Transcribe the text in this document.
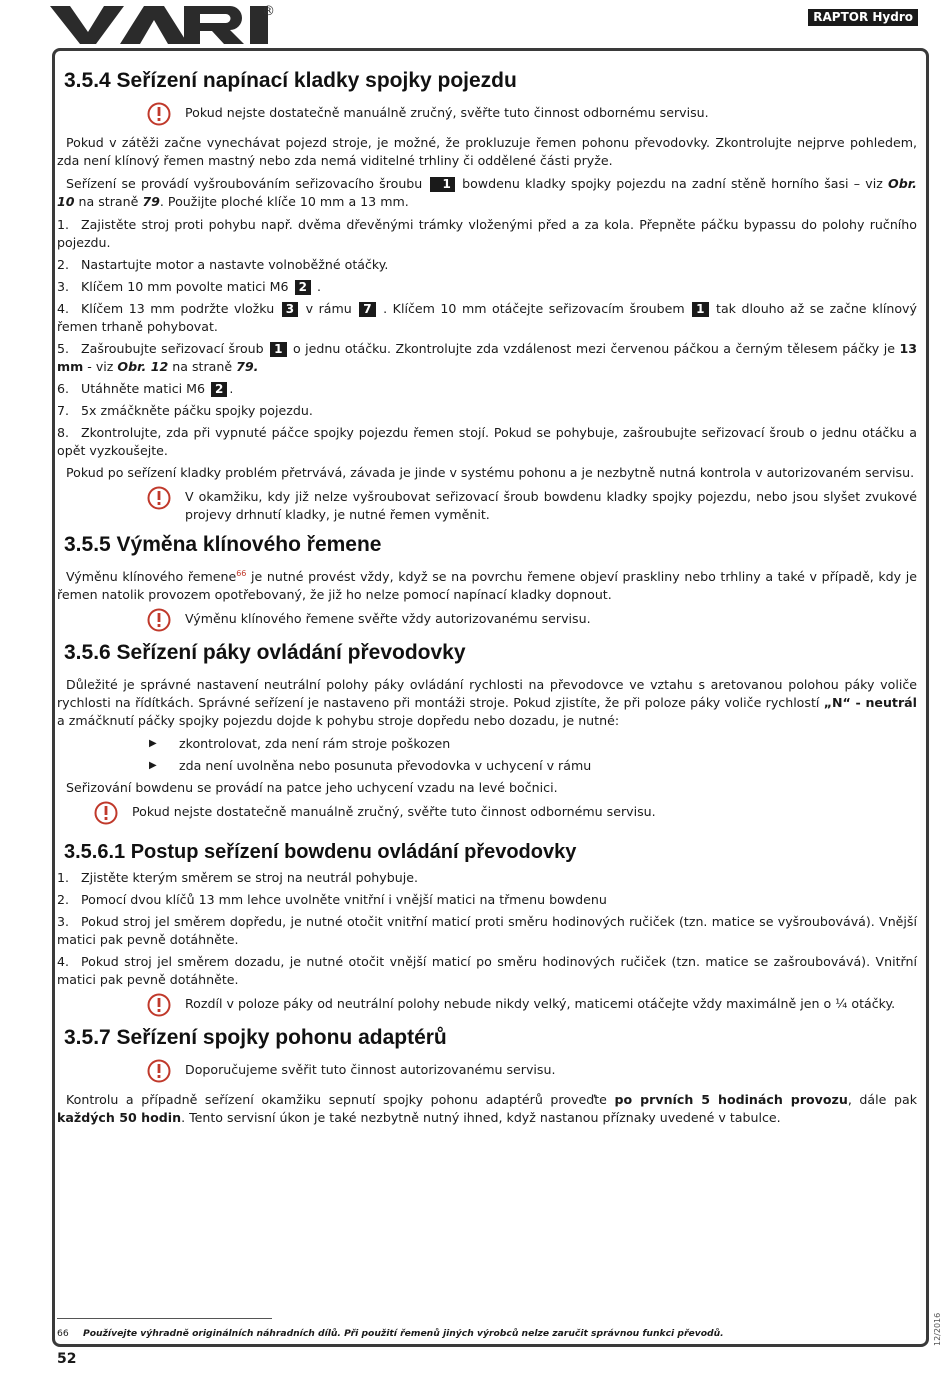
VARI
®	RAPTOR Hydro
3.5.4 Seřízení napínací kladky spojky pojezdu
Pokud nejste dostatečně manuálně zručný, svěřte tuto činnost odbornému servisu.

Pokud v zátěži začne vynechávat pojezd stroje, je možné, že prokluzuje řemen pohonu převodovky. Zkontrolujte nejprve pohledem, zda není klínový řemen mastný nebo zda nemá viditelné trhliny či oddělené části pryže.

Seřízení se provádí vyšroubováním seřizovacího šroubu 1 bowdenu kladky spojky pojezdu na zadní stěně horního šasi – viz Obr. 10 na straně 79. Použijte ploché klíče 10 mm a 13 mm.

1. Zajistěte stroj proti pohybu např. dvěma dřevěnými trámky vloženými před a za kola. Přepněte páčku bypassu do polohy ručního pojezdu.
2. Nastartujte motor a nastavte volnoběžné otáčky.
3. Klíčem 10 mm povolte matici M6 2 .
4. Klíčem 13 mm podržte vložku 3 v rámu 7 . Klíčem 10 mm otáčejte seřizovacím šroubem 1 tak dlouho až se začne klínový řemen trhaně pohybovat.
5. Zašroubujte seřizovací šroub 1 o jednu otáčku. Zkontrolujte zda vzdálenost mezi červenou páčkou a černým tělesem páčky je 13 mm - viz Obr. 12 na straně 79.
6. Utáhněte matici M6 2 .
7. 5x zmáčkněte páčku spojky pojezdu.
8. Zkontrolujte, zda při vypnuté páčce spojky pojezdu řemen stojí. Pokud se pohybuje, zašroubujte seřizovací šroub o jednu otáčku a opět vyzkoušejte.

Pokud po seřízení kladky problém přetrvává, závada je jinde v systému pohonu a je nezbytně nutná kontrola v autorizovaném servisu.

V okamžiku, kdy již nelze vyšroubovat seřizovací šroub bowdenu kladky spojky pojezdu, nebo jsou slyšet zvukové projevy drhnutí kladky, je nutné řemen vyměnit.
3.5.5 Výměna klínového řemene

Výměnu klínového řemene$^{66}$ je nutné provést vždy, když se na povrchu řemene objeví praskliny nebo trhliny a také v případě, kdy je řemen natolik provozem opotřebovaný, že již ho nelze pomocí napínací kladky dopnout.

Výměnu klínového řemene svěřte vždy autorizovanému servisu.
3.5.6 Seřízení páky ovládání převodovky

Důležité je správné nastavení neutrální polohy páky ovládání rychlosti na převodovce ve vztahu s aretovanou polohou páky voliče rychlosti na řídítkách. Správné seřízení je nastaveno při montáži stroje. Pokud zjistíte, že při poloze páky voliče rychlostí „N“ - neutrál a zmáčknutí páčky spojky pojezdu dojde k pohybu stroje dopředu nebo dozadu, je nutné:

▶ zkontrolovat, zda není rám stroje poškozen
▶ zda není uvolněna nebo posunuta převodovka v uchycení v rámu

Seřizování bowdenu se provádí na patce jeho uchycení vzadu na levé bočnici.

Pokud nejste dostatečně manuálně zručný, svěřte tuto činnost odbornému servisu.
3.5.6.1 Postup seřízení bowdenu ovládání převodovky
1. Zjistěte kterým směrem se stroj na neutrál pohybuje.
2. Pomocí dvou klíčů 13 mm lehce uvolněte vnitřní i vnější matici na třmenu bowdenu
3. Pokud stroj jel směrem dopředu, je nutné otočit vnitřní maticí proti směru hodinových ručiček (tzn. matice se vyšroubovává). Vnější matici pak pevně dotáhněte.
4. Pokud stroj jel směrem dozadu, je nutné otočit vnější maticí po směru hodinových ručiček (tzn. matice se zašroubovává). Vnitřní matici pak pevně dotáhněte.
Rozdíl v poloze páky od neutrální polohy nebude nikdy velký, maticemi otáčejte vždy maximálně jen o ¼ otáčky.
3.5.7 Seřízení spojky pohonu adaptérů
Doporučujeme svěřit tuto činnost autorizovanému servisu.

Kontrolu a případně seřízení okamžiku sepnutí spojky pohonu adaptérů proveďte po prvních 5 hodinách provozu, dále pak každých 50 hodin. Tento servisní úkon je také nezbytně nutný ihned, když nastanou příznaky uvedené v tabulce.

66 Používejte výhradně originálních náhradních dílů. Při použití řemenů jiných výrobců nelze zaručit správnou funkci převodů.
52
12/2016
